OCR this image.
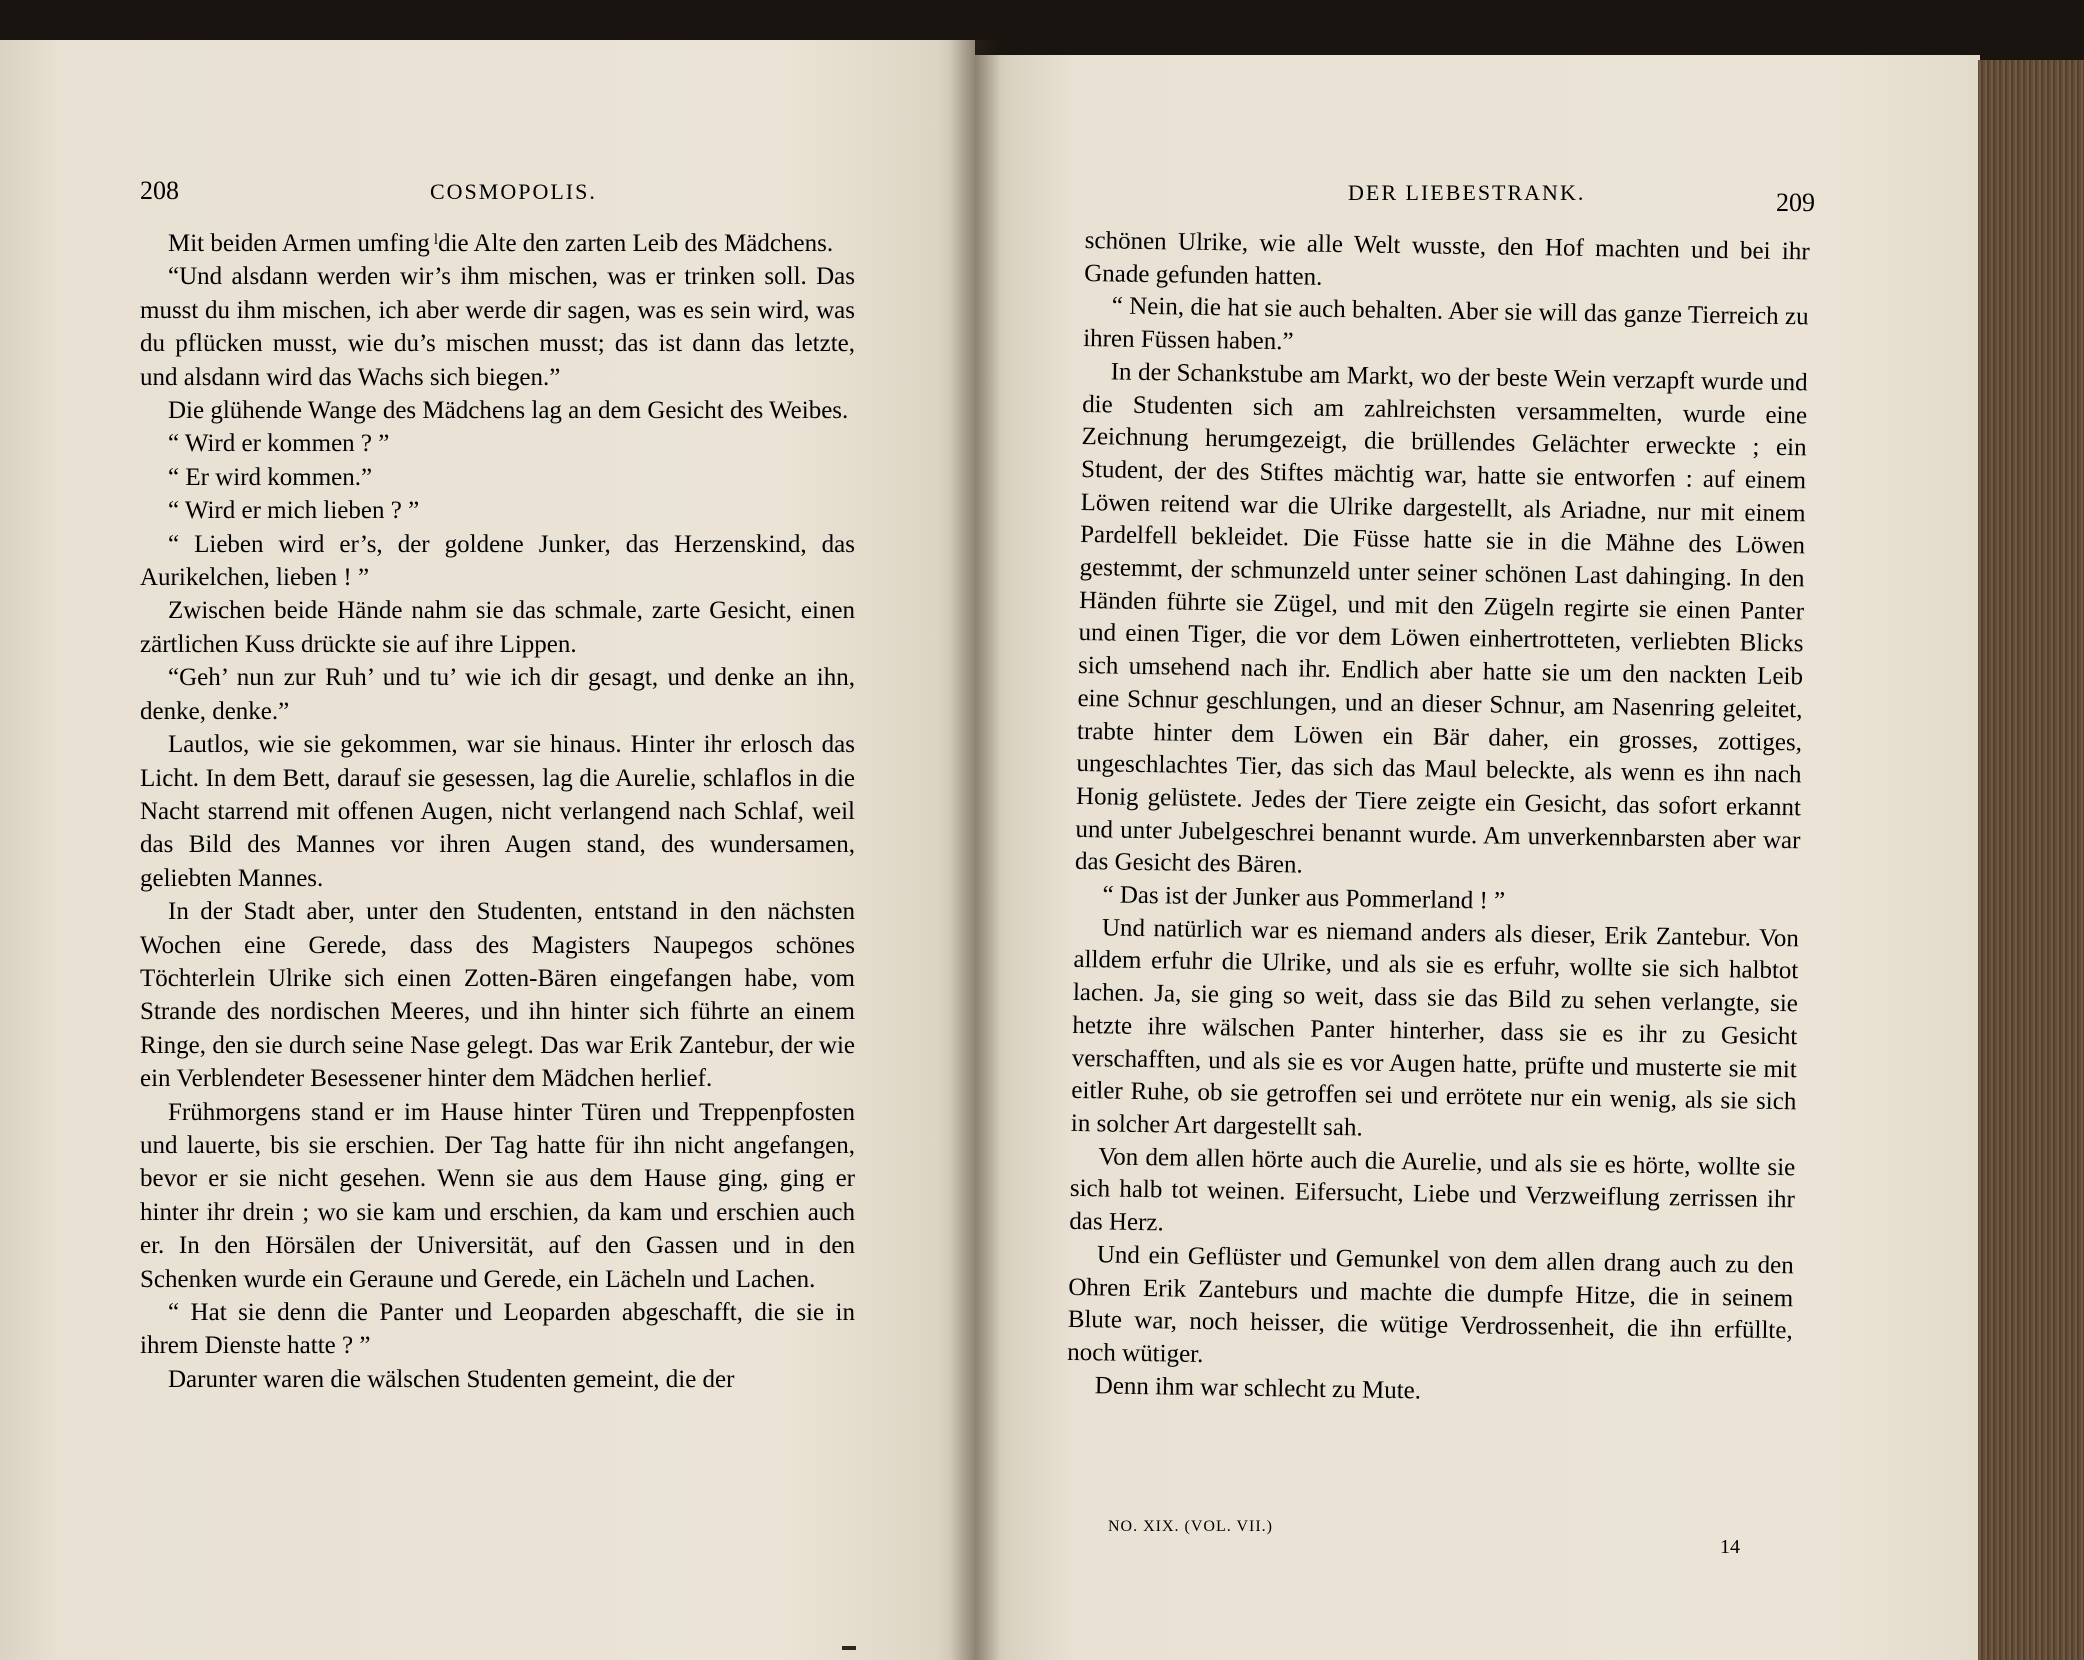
208	COSMOPOLIS.	DER LIEBESTRANK.	209

Mit beiden Armen umfing ˡdie Alte den zarten Leib des Mädchens.

“Und alsdann werden wir’s ihm mischen, was er trinken soll. Das musst du ihm mischen, ich aber werde dir sagen, was es sein wird, was du pflücken musst, wie du’s mischen musst; das ist dann das letzte, und alsdann wird das Wachs sich biegen.”

Die glühende Wange des Mädchens lag an dem Gesicht des Weibes.

“ Wird er kommen ? ”

“ Er wird kommen.”

“ Wird er mich lieben ? ”

“ Lieben wird er’s, der goldene Junker, das Herzenskind, das Aurikelchen, lieben ! ”

Zwischen beide Hände nahm sie das schmale, zarte Gesicht, einen zärtlichen Kuss drückte sie auf ihre Lippen.

“Geh’ nun zur Ruh’ und tu’ wie ich dir gesagt, und denke an ihn, denke, denke.”

Lautlos, wie sie gekommen, war sie hinaus. Hinter ihr erlosch das Licht. In dem Bett, darauf sie gesessen, lag die Aurelie, schlaflos in die Nacht starrend mit offenen Augen, nicht verlangend nach Schlaf, weil das Bild des Mannes vor ihren Augen stand, des wundersamen, geliebten Mannes.

In der Stadt aber, unter den Studenten, entstand in den nächsten Wochen eine Gerede, dass des Magisters Naupegos schönes Töchterlein Ulrike sich einen Zotten-Bären eingefangen habe, vom Strande des nordischen Meeres, und ihn hinter sich führte an einem Ringe, den sie durch seine Nase gelegt. Das war Erik Zantebur, der wie ein Verblendeter Besessener hinter dem Mädchen herlief.

Frühmorgens stand er im Hause hinter Türen und Treppenpfosten und lauerte, bis sie erschien. Der Tag hatte für ihn nicht angefangen, bevor er sie nicht gesehen. Wenn sie aus dem Hause ging, ging er hinter ihr drein ; wo sie kam und erschien, da kam und erschien auch er. In den Hörsälen der Universität, auf den Gassen und in den Schenken wurde ein Geraune und Gerede, ein Lächeln und Lachen.

“ Hat sie denn die Panter und Leoparden abgeschafft, die sie in ihrem Dienste hatte ? ”

Darunter waren die wälschen Studenten gemeint, die der

schönen Ulrike, wie alle Welt wusste, den Hof machten und bei ihr Gnade gefunden hatten.

“ Nein, die hat sie auch behalten. Aber sie will das ganze Tierreich zu ihren Füssen haben.”

In der Schankstube am Markt, wo der beste Wein verzapft wurde und die Studenten sich am zahlreichsten versammelten, wurde eine Zeichnung herumgezeigt, die brüllendes Gelächter erweckte ; ein Student, der des Stiftes mächtig war, hatte sie entworfen : auf einem Löwen reitend war die Ulrike dargestellt, als Ariadne, nur mit einem Pardelfell bekleidet. Die Füsse hatte sie in die Mähne des Löwen gestemmt, der schmunzeld unter seiner schönen Last dahinging. In den Händen führte sie Zügel, und mit den Zügeln regirte sie einen Panter und einen Tiger, die vor dem Löwen einhertrotteten, verliebten Blicks sich umsehend nach ihr. Endlich aber hatte sie um den nackten Leib eine Schnur geschlungen, und an dieser Schnur, am Nasenring geleitet, trabte hinter dem Löwen ein Bär daher, ein grosses, zottiges, ungeschlachtes Tier, das sich das Maul beleckte, als wenn es ihn nach Honig gelüstete. Jedes der Tiere zeigte ein Gesicht, das sofort erkannt und unter Jubelgeschrei benannt wurde. Am unverkennbarsten aber war das Gesicht des Bären.

“ Das ist der Junker aus Pommerland ! ”

Und natürlich war es niemand anders als dieser, Erik Zantebur. Von alldem erfuhr die Ulrike, und als sie es erfuhr, wollte sie sich halbtot lachen. Ja, sie ging so weit, dass sie das Bild zu sehen verlangte, sie hetzte ihre wälschen Panter hinterher, dass sie es ihr zu Gesicht verschafften, und als sie es vor Augen hatte, prüfte und musterte sie mit eitler Ruhe, ob sie getroffen sei und errötete nur ein wenig, als sie sich in solcher Art dargestellt sah.

Von dem allen hörte auch die Aurelie, und als sie es hörte, wollte sie sich halb tot weinen. Eifersucht, Liebe und Verzweiflung zerrissen ihr das Herz.

Und ein Geflüster und Gemunkel von dem allen drang auch zu den Ohren Erik Zanteburs und machte die dumpfe Hitze, die in seinem Blute war, noch heisser, die wütige Verdrossenheit, die ihn erfüllte, noch wütiger.

Denn ihm war schlecht zu Mute.

NO. XIX. (VOL. VII.)
14
